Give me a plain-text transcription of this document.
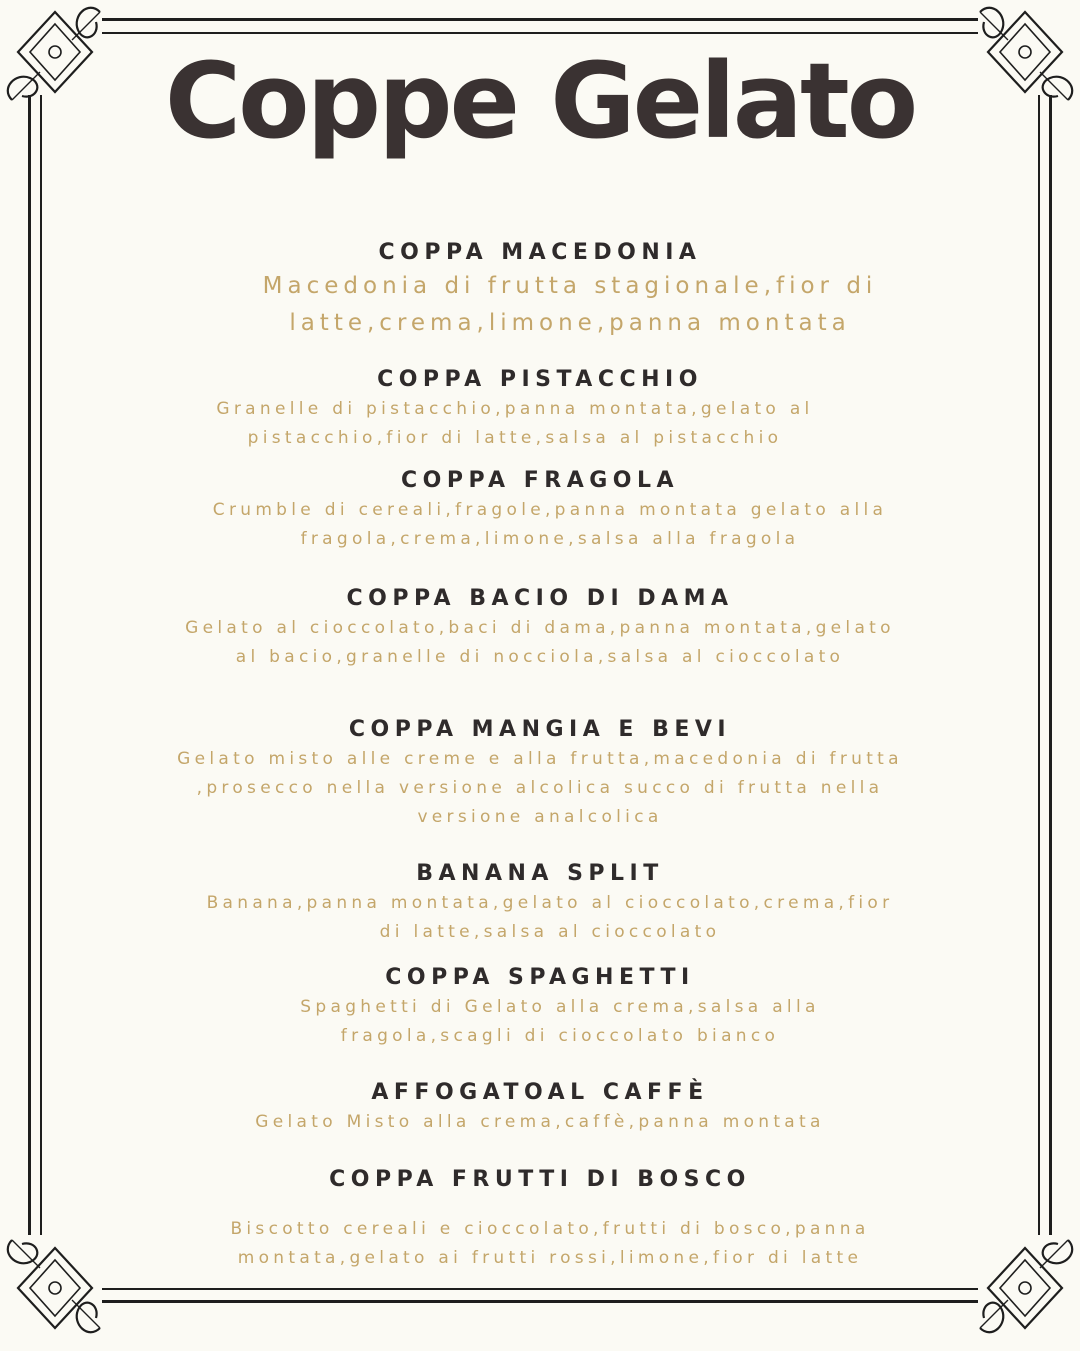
Coppe Gelato
COPPA MACEDONIA

Macedonia di frutta stagionale,fior di latte,crema,limone,panna montata

COPPA PISTACCHIO

Granelle di pistacchio,panna montata,gelato al pistacchio,fior di latte,salsa al pistacchio

COPPA FRAGOLA

Crumble di cereali,fragole,panna montata gelato alla fragola,crema,limone,salsa alla fragola

COPPA BACIO DI DAMA

Gelato al cioccolato,baci di dama,panna montata,gelato al bacio,granelle di nocciola,salsa al cioccolato

COPPA MANGIA E BEVI

Gelato misto alle creme e alla frutta,macedonia di frutta ,prosecco nella versione alcolica succo di frutta nella versione analcolica

BANANA SPLIT

Banana,panna montata,gelato al cioccolato,crema,fior di latte,salsa al cioccolato

COPPA SPAGHETTI

Spaghetti di Gelato alla crema,salsa alla fragola,scagli di cioccolato bianco

AFFOGATOAL CAFFÈ

Gelato Misto alla crema,caffè,panna montata

COPPA FRUTTI DI BOSCO

Biscotto cereali e cioccolato,frutti di bosco,panna montata,gelato ai frutti rossi,limone,fior di latte
